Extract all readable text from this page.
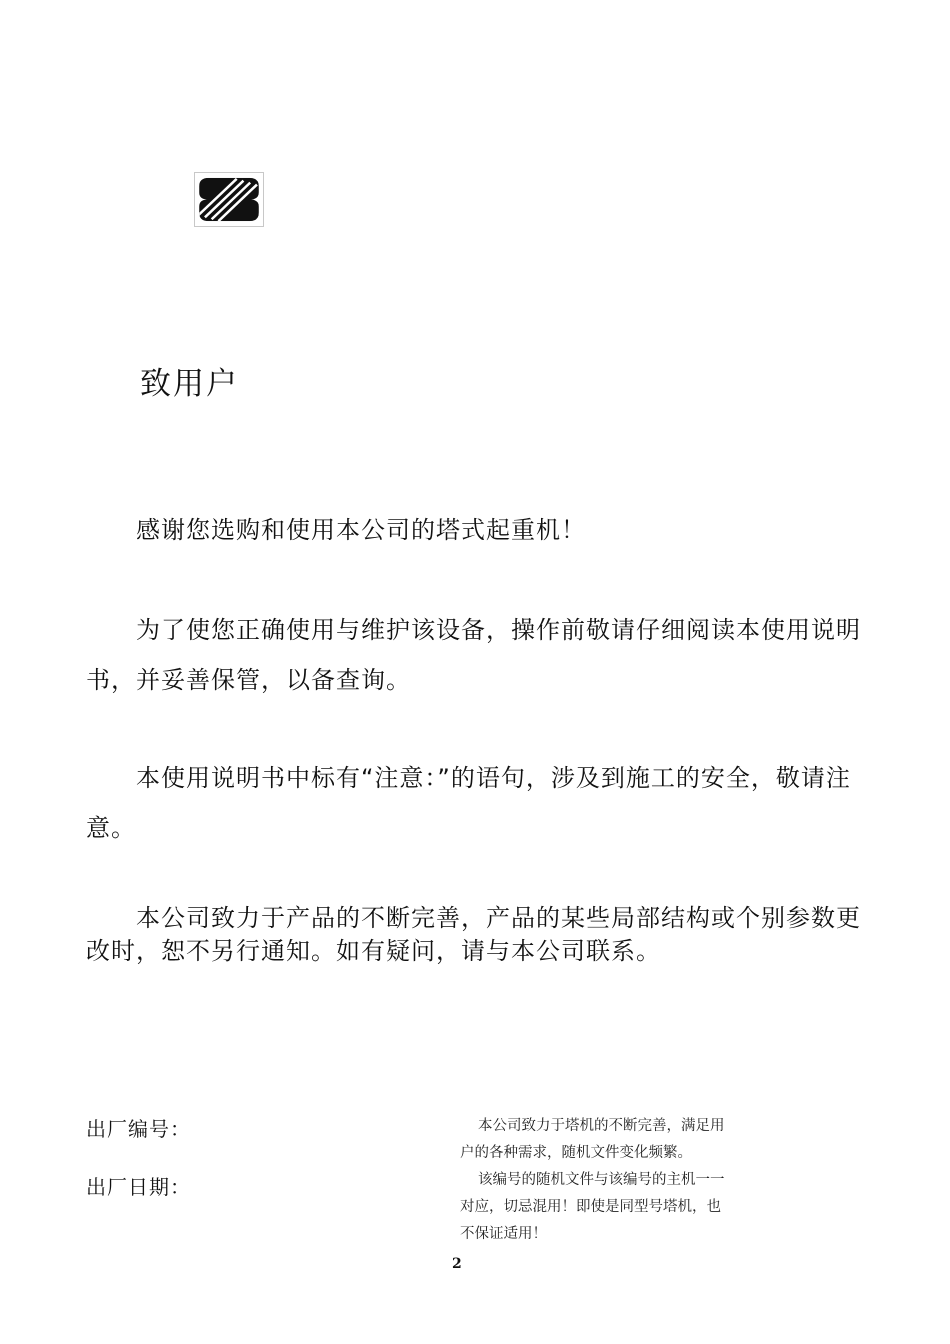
致用户

感谢您选购和使用本公司的塔式起重机！

为了使您正确使用与维护该设备，操作前敬请仔细阅读本使用说明书，并妥善保管，以备查询。

本使用说明书中标有“注意：”的语句，涉及到施工的安全，敬请注意。

本公司致力于产品的不断完善，产品的某些局部结构或个别参数更改时，恕不另行通知。如有疑问，请与本公司联系。

出厂编号：

出厂日期：

本公司致力于塔机的不断完善，满足用户的各种需求，随机文件变化频繁。

该编号的随机文件与该编号的主机一一对应，切忌混用！即使是同型号塔机，也不保证适用！

2
